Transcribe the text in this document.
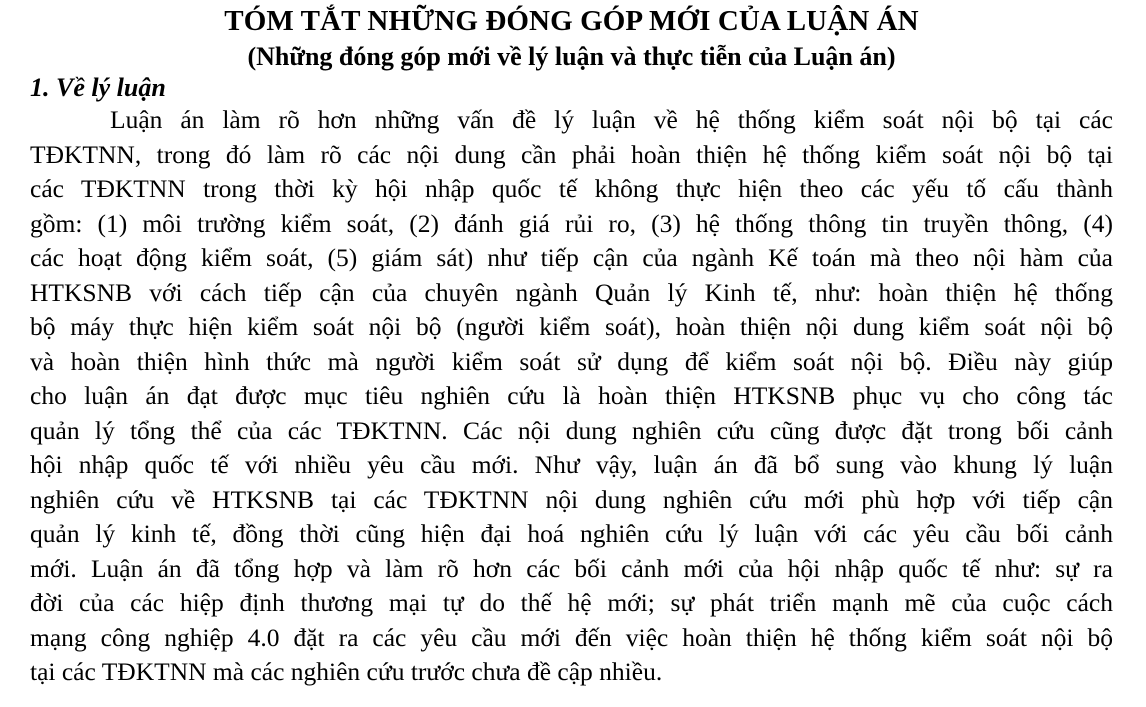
TÓM TẮT NHỮNG ĐÓNG GÓP MỚI CỦA LUẬN ÁN
(Những đóng góp mới về lý luận và thực tiễn của Luận án)
1. Về lý luận
Luận án làm rõ hơn những vấn đề lý luận về hệ thống kiểm soát nội bộ tại các
TĐKTNN, trong đó làm rõ các nội dung cần phải hoàn thiện hệ thống kiểm soát nội bộ tại
các TĐKTNN trong thời kỳ hội nhập quốc tế không thực hiện theo các yếu tố cấu thành
gồm: (1) môi trường kiểm soát, (2) đánh giá rủi ro, (3) hệ thống thông tin truyền thông, (4)
các hoạt động kiểm soát, (5) giám sát) như tiếp cận của ngành Kế toán mà theo nội hàm của
HTKSNB với cách tiếp cận của chuyên ngành Quản lý Kinh tế, như: hoàn thiện hệ thống
bộ máy thực hiện kiểm soát nội bộ (người kiểm soát), hoàn thiện nội dung kiểm soát nội bộ
và hoàn thiện hình thức mà người kiểm soát sử dụng để kiểm soát nội bộ. Điều này giúp
cho luận án đạt được mục tiêu nghiên cứu là hoàn thiện HTKSNB phục vụ cho công tác
quản lý tổng thể của các TĐKTNN. Các nội dung nghiên cứu cũng được đặt trong bối cảnh
hội nhập quốc tế với nhiều yêu cầu mới. Như vậy, luận án đã bổ sung vào khung lý luận
nghiên cứu về HTKSNB tại các TĐKTNN nội dung nghiên cứu mới phù hợp với tiếp cận
quản lý kinh tế, đồng thời cũng hiện đại hoá nghiên cứu lý luận với các yêu cầu bối cảnh
mới. Luận án đã tổng hợp và làm rõ hơn các bối cảnh mới của hội nhập quốc tế như: sự ra
đời của các hiệp định thương mại tự do thế hệ mới; sự phát triển mạnh mẽ của cuộc cách
mạng công nghiệp 4.0 đặt ra các yêu cầu mới đến việc hoàn thiện hệ thống kiểm soát nội bộ
tại các TĐKTNN mà các nghiên cứu trước chưa đề cập nhiều.
